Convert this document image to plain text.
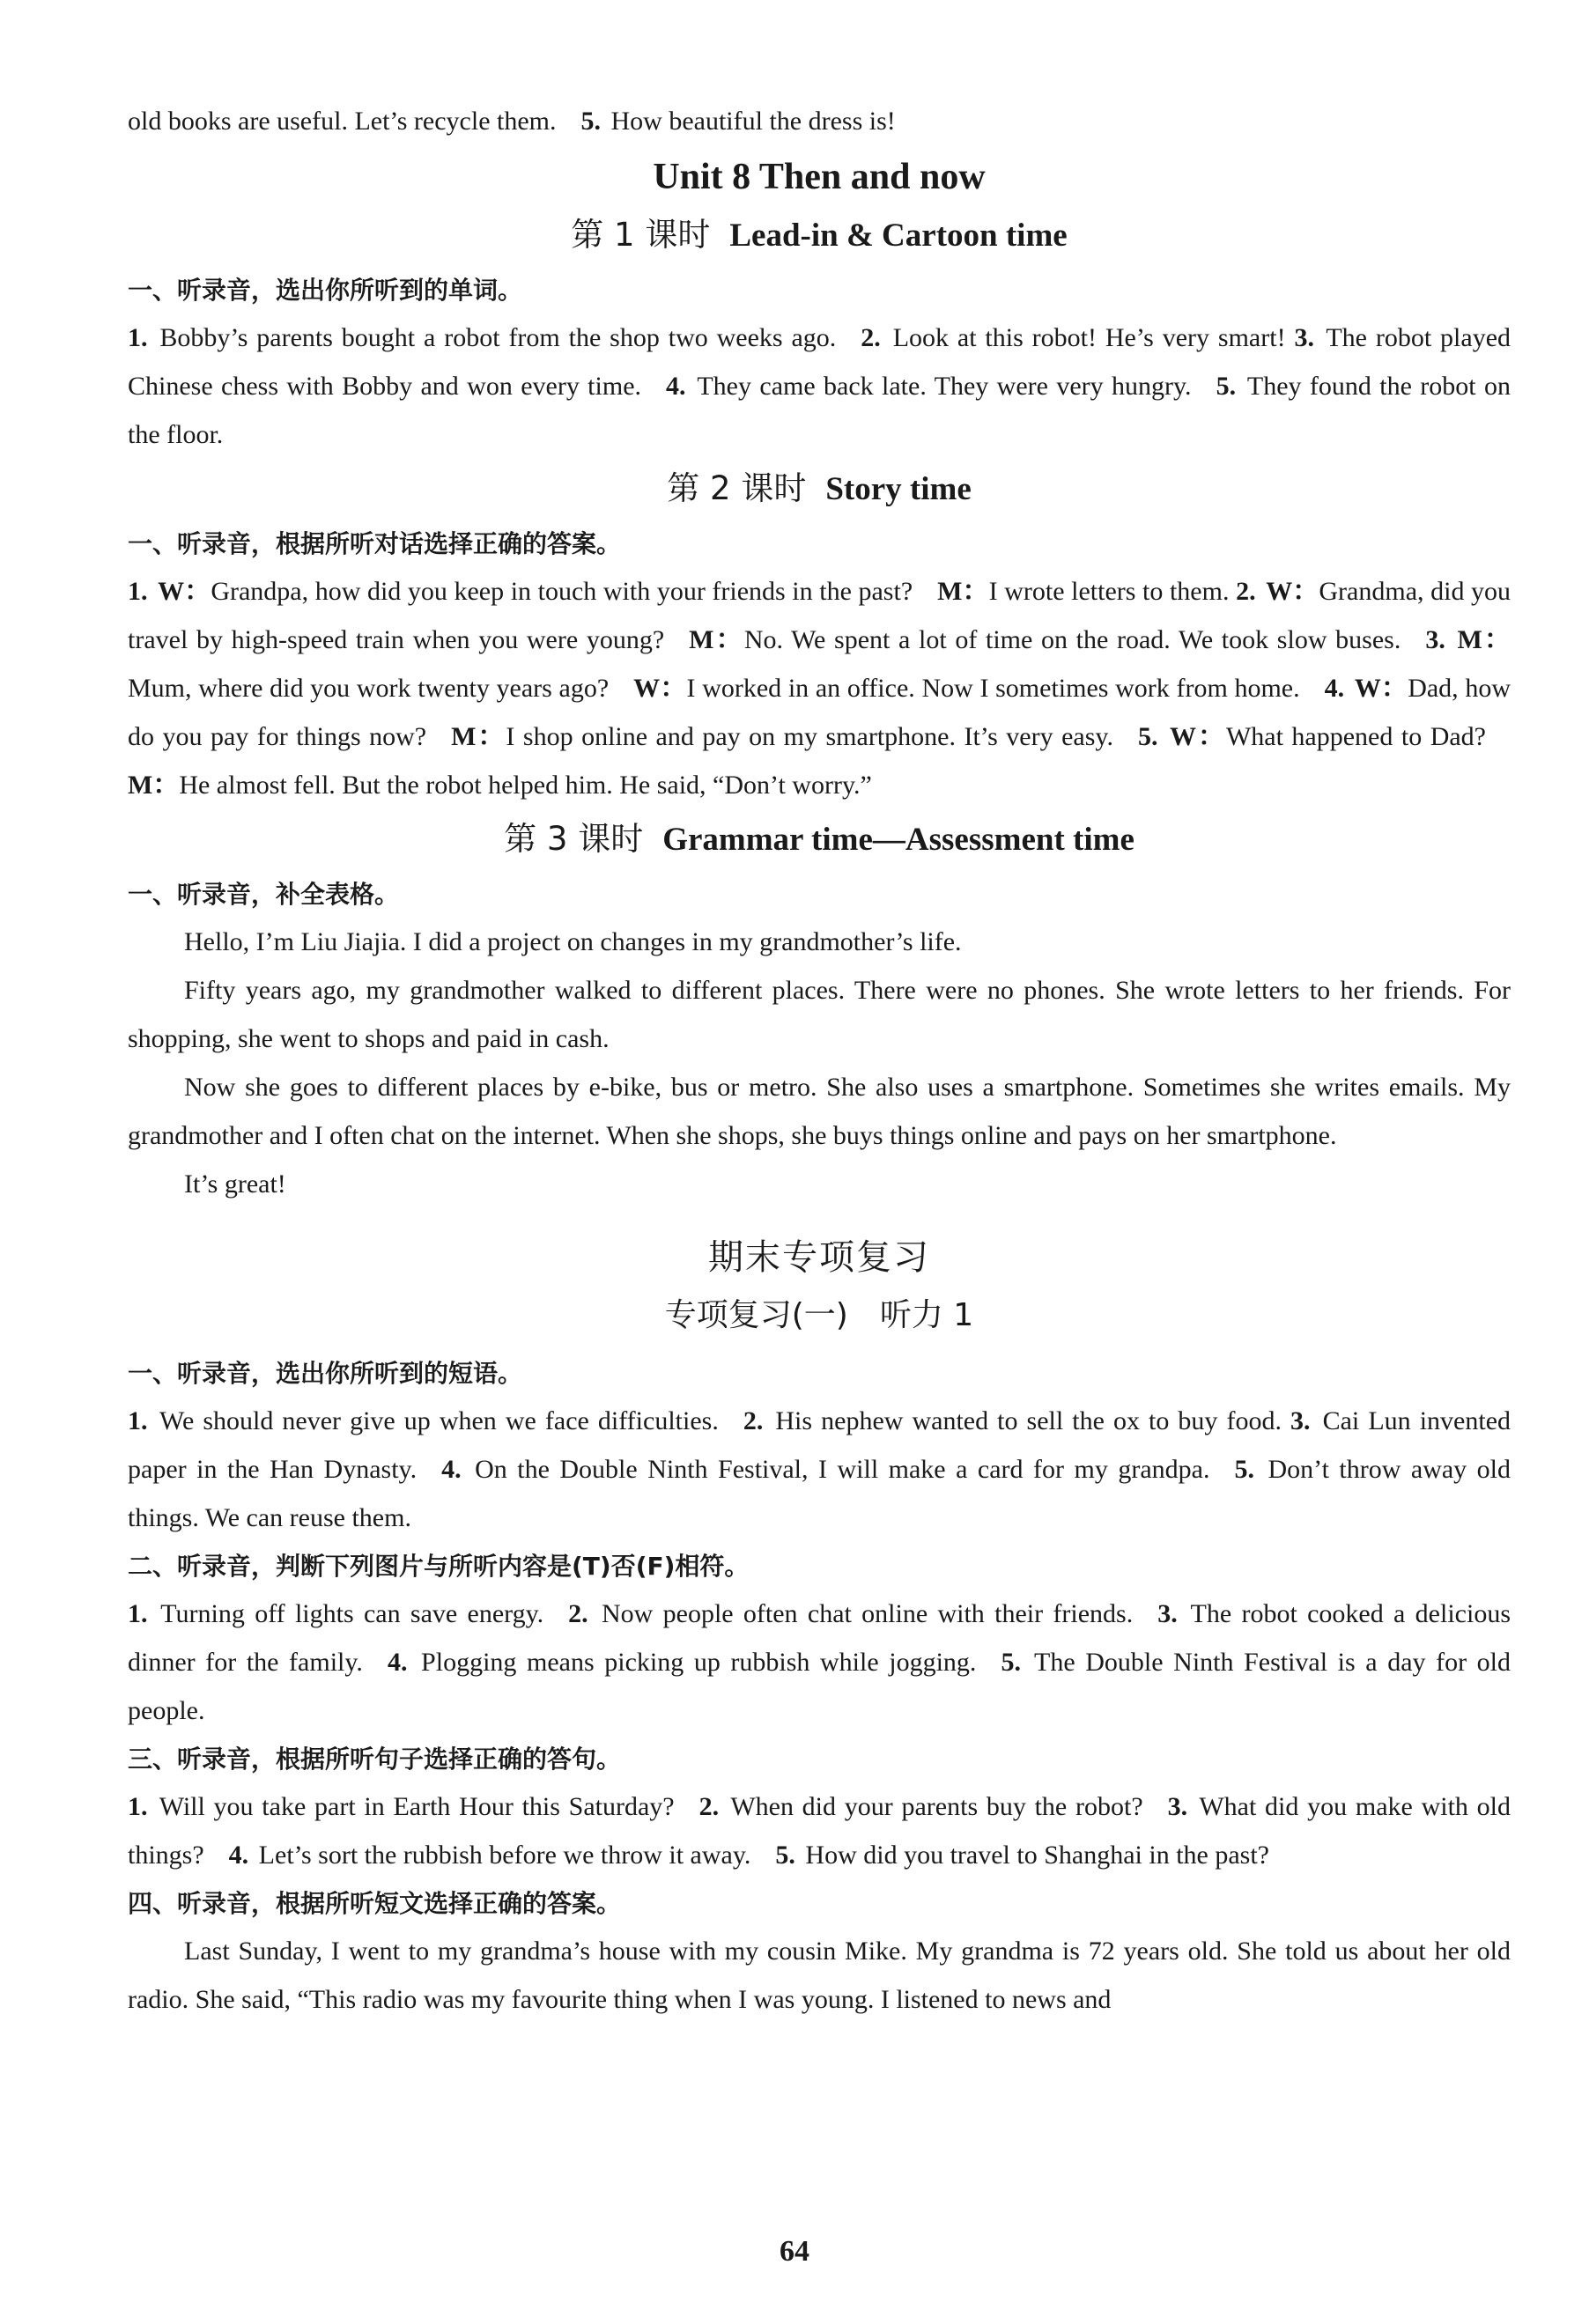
old books are useful. Let’s recycle them. 5. How beautiful the dress is!

Unit 8 Then and now
第 1 课时 Lead-in & Cartoon time
一、听录音，选出你所听到的单词。

1. Bobby’s parents bought a robot from the shop two weeks ago. 2. Look at this robot! He’s very smart! 3. The robot played Chinese chess with Bobby and won every time. 4. They came back late. They were very hungry. 5. They found the robot on the floor.

第 2 课时 Story time
一、听录音，根据所听对话选择正确的答案。

1. W：Grandpa, how did you keep in touch with your friends in the past? M：I wrote letters to them. 2. W：Grandma, did you travel by high-speed train when you were young? M：No. We spent a lot of time on the road. We took slow buses. 3. M：Mum, where did you work twenty years ago? W：I worked in an office. Now I sometimes work from home. 4. W：Dad, how do you pay for things now? M：I shop online and pay on my smartphone. It’s very easy. 5. W：What happened to Dad?M：He almost fell. But the robot helped him. He said, “Don’t worry.”

第 3 课时 Grammar time—Assessment time
一、听录音，补全表格。

Hello, I’m Liu Jiajia. I did a project on changes in my grandmother’s life.

Fifty years ago, my grandmother walked to different places. There were no phones. She wrote letters to her friends. For shopping, she went to shops and paid in cash.

Now she goes to different places by e-bike, bus or metro. She also uses a smartphone. Sometimes she writes emails. My grandmother and I often chat on the internet. When she shops, she buys things online and pays on her smartphone.

It’s great!

期末专项复习
专项复习(一) 听力 1
一、听录音，选出你所听到的短语。

1. We should never give up when we face difficulties. 2. His nephew wanted to sell the ox to buy food. 3. Cai Lun invented paper in the Han Dynasty. 4. On the Double Ninth Festival, I will make a card for my grandpa. 5. Don’t throw away old things. We can reuse them.

二、听录音，判断下列图片与所听内容是(T)否(F)相符。

1. Turning off lights can save energy. 2. Now people often chat online with their friends. 3. The robot cooked a delicious dinner for the family. 4. Plogging means picking up rubbish while jogging. 5. The Double Ninth Festival is a day for old people.

三、听录音，根据所听句子选择正确的答句。

1. Will you take part in Earth Hour this Saturday? 2. When did your parents buy the robot? 3. What did you make with old things? 4. Let’s sort the rubbish before we throw it away. 5. How did you travel to Shanghai in the past?

四、听录音，根据所听短文选择正确的答案。

Last Sunday, I went to my grandma’s house with my cousin Mike. My grandma is 72 years old. She told us about her old radio. She said, “This radio was my favourite thing when I was young. I listened to news and

64
